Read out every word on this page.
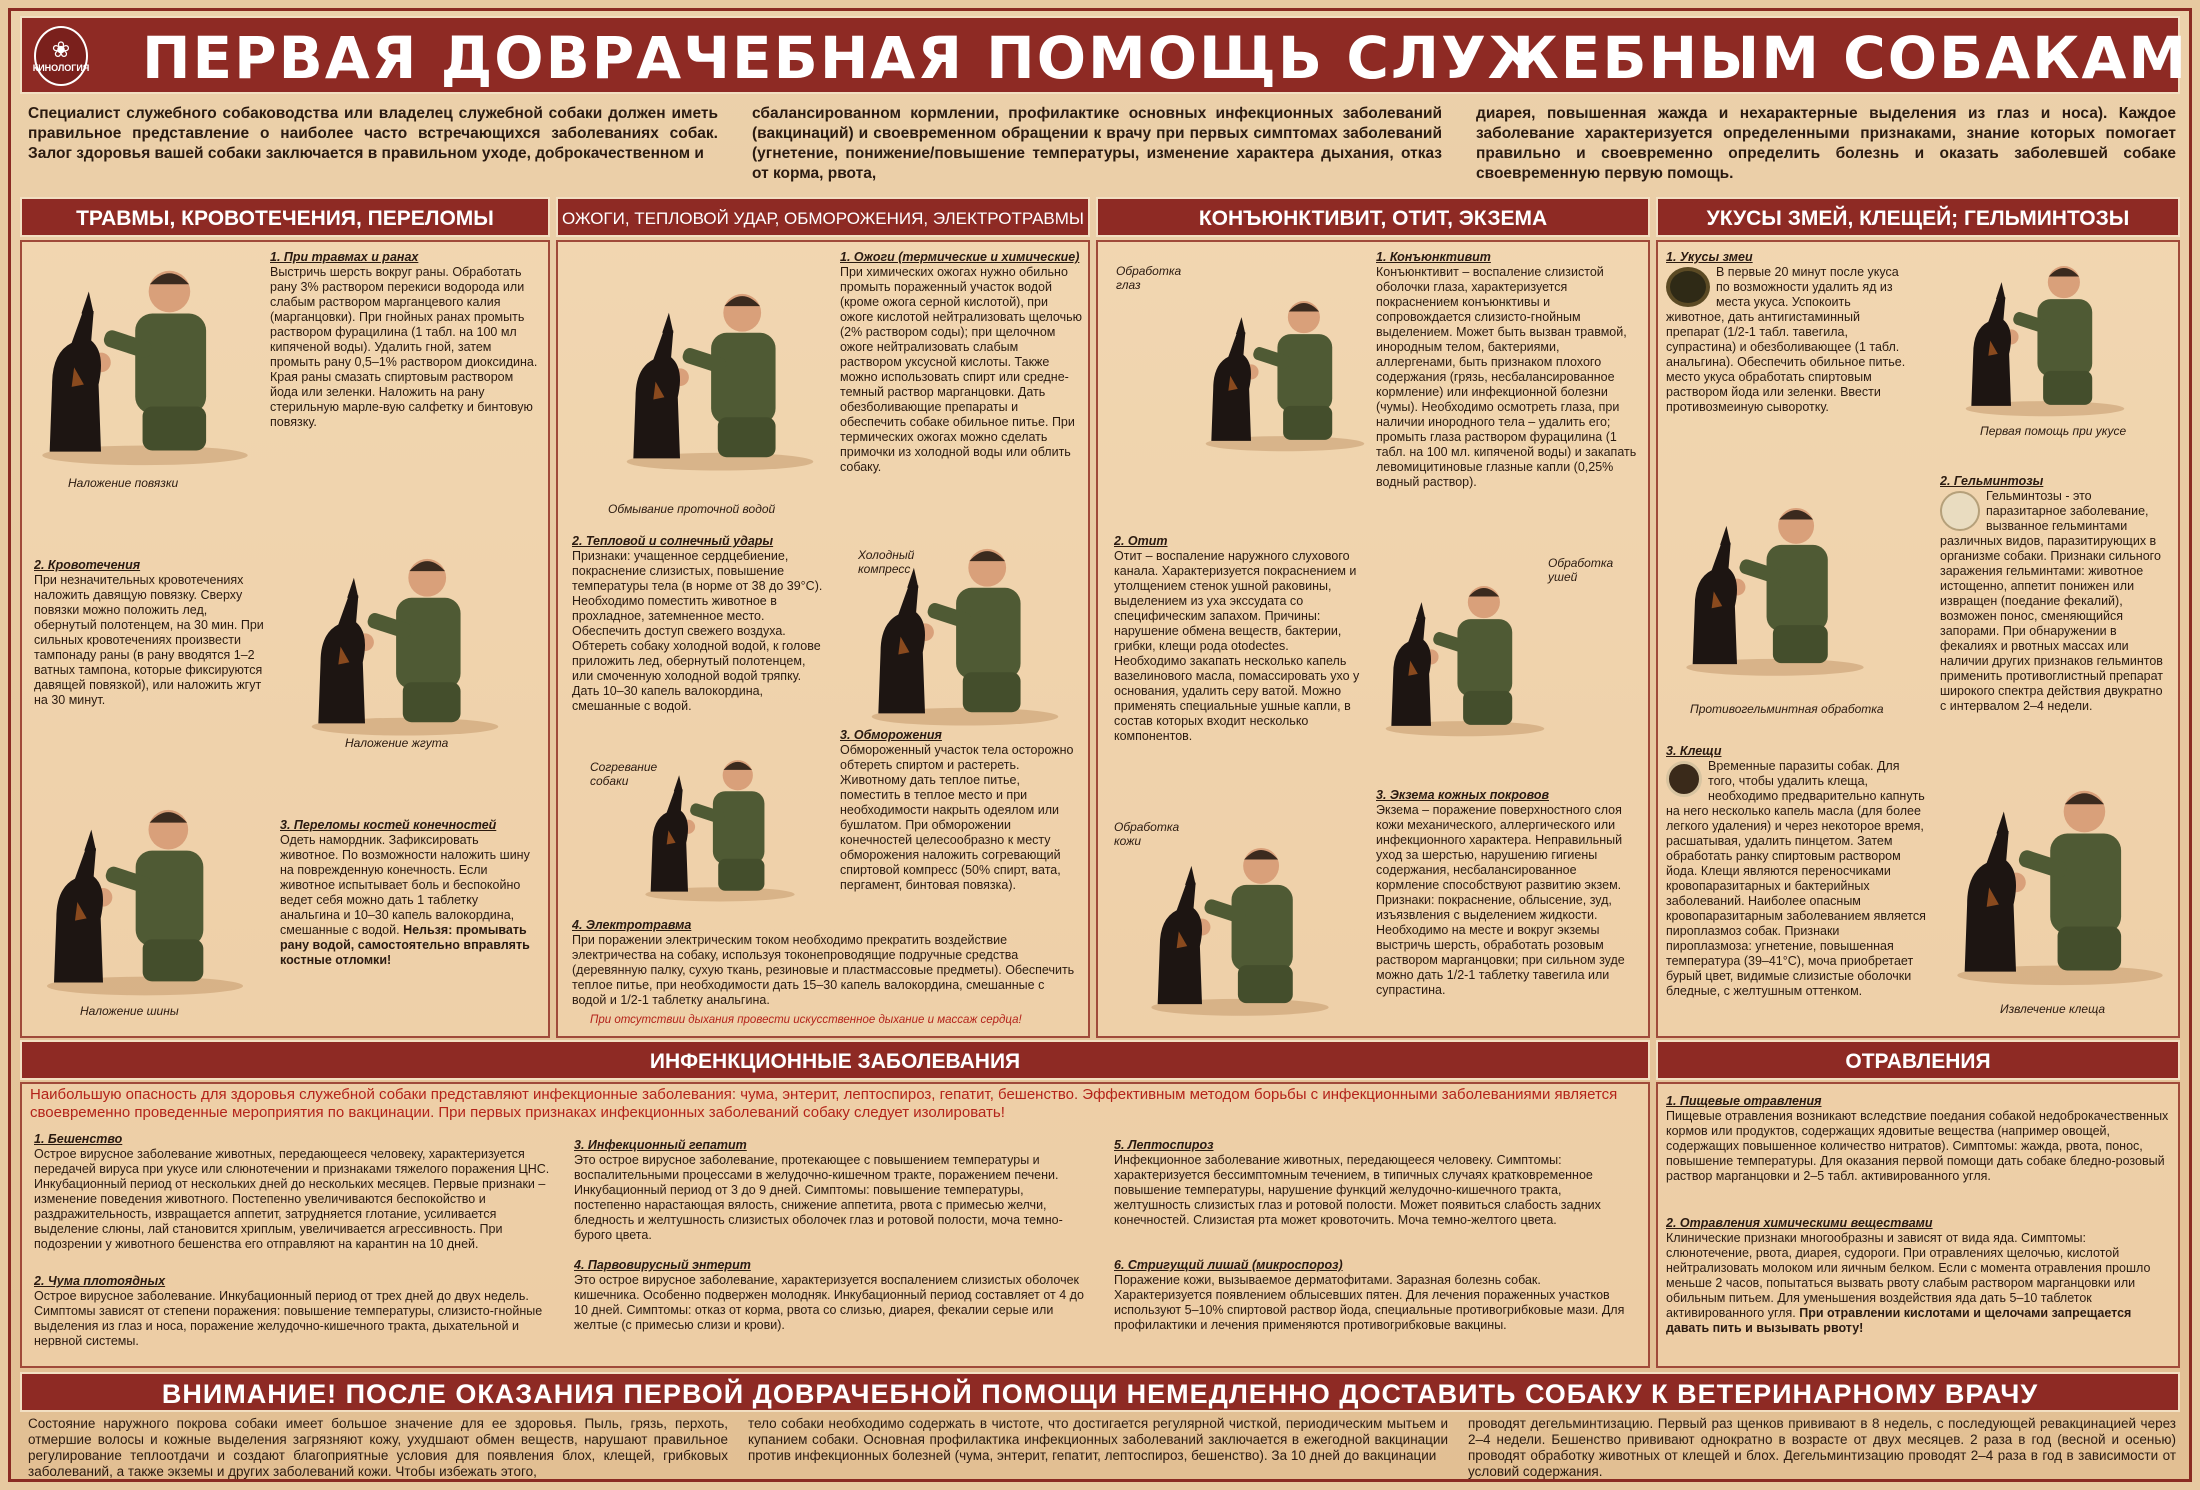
❀
КИНОЛОГИЯ ПЕРВАЯ ДОВРАЧЕБНАЯ ПОМОЩЬ СЛУЖЕБНЫМ СОБАКАМ
Специалист служебного собаководства или владелец служебной собаки должен иметь правильное представление о наиболее часто встречающихся заболеваниях собак. Залог здоровья вашей собаки заключается в правильном уходе, доброкачественном и
сбалансированном кормлении, профилактике основных инфекционных заболеваний (вакцинаций) и своевременном обращении к врачу при первых симптомах заболеваний (угнетение, понижение/повышение температуры, изменение характера дыхания, отказ от корма, рвота,
диарея, повышенная жажда и нехарактерные выделения из глаз и носа). Каждое заболевание характеризуется определенными признаками, знание которых помогает правильно и своевременно определить болезнь и оказать заболевшей собаке своевременную первую помощь.
ТРАВМЫ, КРОВОТЕЧЕНИЯ, ПЕРЕЛОМЫ	ОЖОГИ, ТЕПЛОВОЙ УДАР, ОБМОРОЖЕНИЯ, ЭЛЕКТРОТРАВМЫ	КОНЪЮНКТИВИТ, ОТИТ, ЭКЗЕМА	УКУСЫ ЗМЕЙ, КЛЕЩЕЙ; ГЕЛЬМИНТОЗЫ
Наложение повязки
1. При травмах и ранах
Выстричь шерсть вокруг раны. Обработать рану 3% раствором перекиси водорода или слабым раствором марганцевого калия (марганцовки). При гнойных ранах промыть раствором фурацилина (1 табл. на 100 мл кипяченой воды). Удалить гной, затем промыть рану 0,5–1% раствором диоксидина. Края раны смазать спиртовым раствором йода или зеленки. Наложить на рану стерильную марле-вую салфетку и бинтовую повязку.
2. Кровотечения
При незначительных кровотечениях наложить давящую повязку. Сверху повязки можно положить лед, обернутый полотенцем, на 30 мин. При сильных кровотечениях произвести тампонаду раны (в рану вводятся 1–2 ватных тампона, которые фиксируются давящей повязкой), или наложить жгут на 30 минут.
Наложение жгута
Наложение шины
3. Переломы костей конечностей
Одеть намордник. Зафиксировать животное. По возможности наложить шину на поврежденную конечность. Если животное испытывает боль и беспокойно ведет себя можно дать 1 таблетку анальгина и 10–30 капель валокордина, смешанные с водой. Нельзя: промывать рану водой, самостоятельно вправлять костные отломки!
Обмывание проточной водой
1. Ожоги (термические и химические)
При химических ожогах нужно обильно промыть пораженный участок водой (кроме ожога серной кислотой), при ожоге кислотой нейтрализовать щелочью (2% раствором соды); при щелочном ожоге нейтрализовать слабым раствором уксусной кислоты. Также можно использовать спирт или средне-темный раствор марганцовки. Дать обезболивающие препараты и обеспечить собаке обильное питье. При термических ожогах можно сделать примочки из холодной воды или облить собаку.
2. Тепловой и солнечный удары
Признаки: учащенное сердцебиение, покраснение слизистых, повышение температуры тела (в норме от 38 до 39°С). Необходимо поместить животное в прохладное, затемненное место. Обеспечить доступ свежего воздуха. Обтереть собаку холодной водой, к голове приложить лед, обернутый полотенцем, или смоченную холодной водой тряпку. Дать 10–30 капель валокордина, смешанные с водой.
Холодный компресс
Согревание собаки
3. Обморожения
Обмороженный участок тела осторожно обтереть спиртом и растереть. Животному дать теплое питье, поместить в теплое место и при необходимости накрыть одеялом или бушлатом. При обморожении конечностей целесообразно к месту обморожения наложить согревающий спиртовой компресс (50% спирт, вата, пергамент, бинтовая повязка).
4. Электротравма
При поражении электрическим током необходимо прекратить воздействие электричества на собаку, используя токонепроводящие подручные средства (деревянную палку, сухую ткань, резиновые и пластмассовые предметы). Обеспечить теплое питье, при необходимости дать 15–30 капель валокордина, смешанные с водой и 1/2-1 таблетку анальгина.
При отсутствии дыхания провести искусственное дыхание и массаж сердца!
Обработка глаз
1. Конъюнктивит
Конъюнктивит – воспаление слизистой оболочки глаза, характеризуется покраснением конъюнктивы и сопровождается слизисто-гнойным выделением. Может быть вызван травмой, инородным телом, бактериями, аллергенами, быть признаком плохого содержания (грязь, несбалансированное кормление) или инфекционной болезни (чумы). Необходимо осмотреть глаза, при наличии инородного тела – удалить его; промыть глаза раствором фурацилина (1 табл. на 100 мл. кипяченой воды) и закапать левомицитиновые глазные капли (0,25% водный раствор).
2. Отит
Отит – воспаление наружного слухового канала. Характеризуется покраснением и утолщением стенок ушной раковины, выделением из уха экссудата со специфическим запахом. Причины: нарушение обмена веществ, бактерии, грибки, клещи рода otodectes. Необходимо закапать несколько капель вазелинового масла, помассировать ухо у основания, удалить серу ватой. Можно применять специальные ушные капли, в состав которых входит несколько компонентов.
Обработка ушей
Обработка кожи
3. Экзема кожных покровов
Экзема – поражение поверхностного слоя кожи механического, аллергического или инфекционного характера. Неправильный уход за шерстью, нарушению гигиены содержания, несбалансированное кормление способствуют развитию экзем. Признаки: покраснение, облысение, зуд, изъязвления с выделением жидкости. Необходимо на месте и вокруг экземы выстричь шерсть, обработать розовым раствором марганцовки; при сильном зуде можно дать 1/2-1 таблетку тавегила или супрастина.
1. Укусы змеи
В первые 20 минут после укуса по возможности удалить яд из места укуса. Успокоить животное, дать антигистаминный препарат (1/2-1 табл. тавегила, супрастина) и обезболивающее (1 табл. анальгина). Обеспечить обильное питье. место укуса обработать спиртовым раствором йода или зеленки. Ввести противозмеиную сыворотку.
Первая помощь при укусе
Противогельминтная обработка
2. Гельминтозы
Гельминтозы - это паразитарное заболевание, вызванное гельминтами различных видов, паразитирующих в организме собаки. Признаки сильного заражения гельминтами: животное истощенно, аппетит понижен или извращен (поедание фекалий), возможен понос, сменяющийся запорами. При обнаружении в фекалиях и рвотных массах или наличии других признаков гельминтов применить противоглистный препарат широкого спектра действия двукратно с интервалом 2–4 недели.
3. Клещи
Временные паразиты собак. Для того, чтобы удалить клеща, необходимо предварительно капнуть на него несколько капель масла (для более легкого удаления) и через некоторое время, расшатывая, удалить пинцетом. Затем обработать ранку спиртовым раствором йода. Клещи являются переносчиками кровопаразитарных и бактерийных заболеваний. Наиболее опасным кровопаразитарным заболеванием является пироплазмоз собак. Признаки пироплазмоза: угнетение, повышенная температура (39–41°С), моча приобретает бурый цвет, видимые слизистые оболочки бледные, с желтушным оттенком.
Извлечение клеща
ИНФЕНКЦИОННЫЕ ЗАБОЛЕВАНИЯ	ОТРАВЛЕНИЯ
Наибольшую опасность для здоровья служебной собаки представляют инфекционные заболевания: чума, энтерит, лептоспироз, гепатит, бешенство. Эффективным методом борьбы с инфекционными заболеваниями является своевременно проведенные мероприятия по вакцинации. При первых признаках инфекционных заболеваний собаку следует изолировать!
1. Бешенство
Острое вирусное заболевание животных, передающееся человеку, характеризуется передачей вируса при укусе или слюнотечении и признаками тяжелого поражения ЦНС. Инкубационный период от нескольких дней до нескольких месяцев. Первые признаки – изменение поведения животного. Постепенно увеличиваются беспокойство и раздражительность, извращается аппетит, затрудняется глотание, усиливается выделение слюны, лай становится хриплым, увеличивается агрессивность. При подозрении у животного бешенства его отправляют на карантин на 10 дней.
2. Чума плотоядных
Острое вирусное заболевание. Инкубационный период от трех дней до двух недель. Симптомы зависят от степени поражения: повышение температуры, слизисто-гнойные выделения из глаз и носа, поражение желудочно-кишечного тракта, дыхательной и нервной системы.
3. Инфекционный гепатит
Это острое вирусное заболевание, протекающее с повышением температуры и воспалительными процессами в желудочно-кишечном тракте, поражением печени. Инкубационный период от 3 до 9 дней. Симптомы: повышение температуры, постепенно нарастающая вялость, снижение аппетита, рвота с примесью желчи, бледность и желтушность слизистых оболочек глаз и ротовой полости, моча темно-бурого цвета.
4. Парвовирусный энтерит
Это острое вирусное заболевание, характеризуется воспалением слизистых оболочек кишечника. Особенно подвержен молодняк. Инкубационный период составляет от 4 до 10 дней. Симптомы: отказ от корма, рвота со слизью, диарея, фекалии серые или желтые (с примесью слизи и крови).
5. Лептоспироз
Инфекционное заболевание животных, передающееся человеку. Симптомы: характеризуется бессимптомным течением, в типичных случаях кратковременное повышение температуры, нарушение функций желудочно-кишечного тракта, желтушность слизистых глаз и ротовой полости. Может появиться слабость задних конечностей. Слизистая рта может кровоточить. Моча темно-желтого цвета.
6. Стригущий лишай (микроспороз)
Поражение кожи, вызываемое дерматофитами. Заразная болезнь собак. Характеризуется появлением облысевших пятен. Для лечения пораженных участков используют 5–10% спиртовой раствор йода, специальные противогрибковые мази. Для профилактики и лечения применяются противогрибковые вакцины.
1. Пищевые отравления
Пищевые отравления возникают вследствие поедания собакой недоброкачественных кормов или продуктов, содержащих ядовитые вещества (например овощей, содержащих повышенное количество нитратов). Симптомы: жажда, рвота, понос, повышение температуры. Для оказания первой помощи дать собаке бледно-розовый раствор марганцовки и 2–5 табл. активированного угля.
2. Отравления химическими веществами
Клинические признаки многообразны и зависят от вида яда. Симптомы: слюнотечение, рвота, диарея, судороги. При отравлениях щелочью, кислотой нейтрализовать молоком или яичным белком. Если с момента отравления прошло меньше 2 часов, попытаться вызвать рвоту слабым раствором марганцовки или обильным питьем. Для уменьшения воздействия яда дать 5–10 таблеток активированного угля. При отравлении кислотами и щелочами запрещается давать пить и вызывать рвоту!
ВНИМАНИЕ! ПОСЛЕ ОКАЗАНИЯ ПЕРВОЙ ДОВРАЧЕБНОЙ ПОМОЩИ НЕМЕДЛЕННО ДОСТАВИТЬ СОБАКУ К ВЕТЕРИНАРНОМУ ВРАЧУ
Состояние наружного покрова собаки имеет большое значение для ее здоровья. Пыль, грязь, перхоть, отмершие волосы и кожные выделения загрязняют кожу, ухудшают обмен веществ, нарушают правильное регулирование теплоотдачи и создают благоприятные условия для появления блох, клещей, грибковых заболеваний, а также экземы и других заболеваний кожи. Чтобы избежать этого,
тело собаки необходимо содержать в чистоте, что достигается регулярной чисткой, периодическим мытьем и купанием собаки. Основная профилактика инфекционных заболеваний заключается в ежегодной вакцинации против инфекционных болезней (чума, энтерит, гепатит, лептоспироз, бешенство). За 10 дней до вакцинации
проводят дегельминтизацию. Первый раз щенков прививают в 8 недель, с последующей ревакцинацией через 2–4 недели. Бешенство прививают однократно в возрасте от двух месяцев. 2 раза в год (весной и осенью) проводят обработку животных от клещей и блох. Дегельминтизацию проводят 2–4 раза в год в зависимости от условий содержания.
